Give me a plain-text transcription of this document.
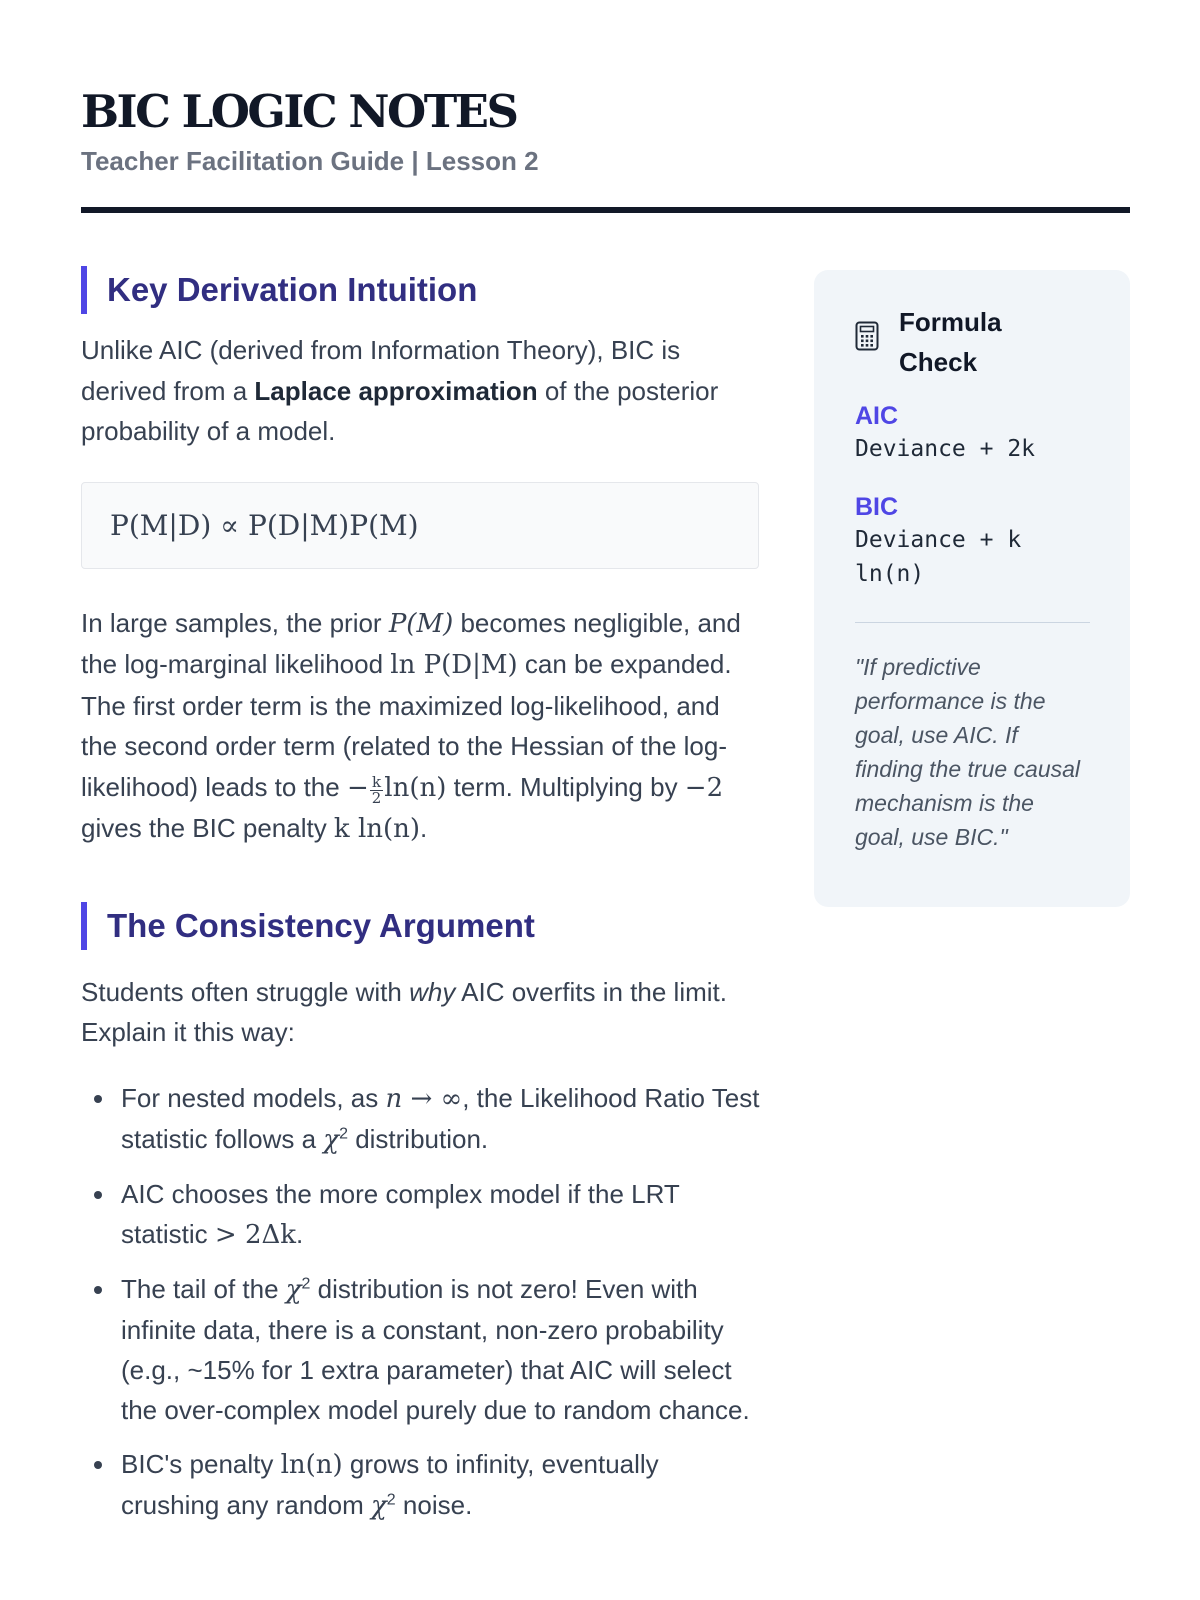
BIC LOGIC NOTES
Teacher Facilitation Guide | Lesson 2
Key Derivation Intuition

Unlike AIC (derived from Information Theory), BIC is derived from a Laplace approximation of the posterior probability of a model.

P(M|D) ∝ P(D|M)P(M)

In large samples, the prior P(M) becomes negligible, and the log-marginal likelihood ln P(D|M) can be expanded. The first order term is the maximized log-likelihood, and the second order term (related to the Hessian of the log-likelihood) leads to the − $\frac{k}{2} \ln(n)$ term. Multiplying by −2 gives the BIC penalty k ln(n).

The Consistency Argument

Students often struggle with why AIC overfits in the limit. Explain it this way:

For nested models, as n → ∞, the Likelihood Ratio Test statistic follows a $\chi^2$ distribution.
AIC chooses the more complex model if the LRT statistic > 2Δk.
The tail of the $\chi^2$ distribution is not zero! Even with infinite data, there is a constant, non-zero probability (e.g., ~15% for 1 extra parameter) that AIC will select the over-complex model purely due to random chance.
BIC's penalty ln(n) grows to infinity, eventually crushing any random $\chi^2$ noise.
Formula Check
AIC
Deviance + 2k
BIC
Deviance + k ln(n)
"If predictive performance is the goal, use AIC. If finding the true causal mechanism is the goal, use BIC."
